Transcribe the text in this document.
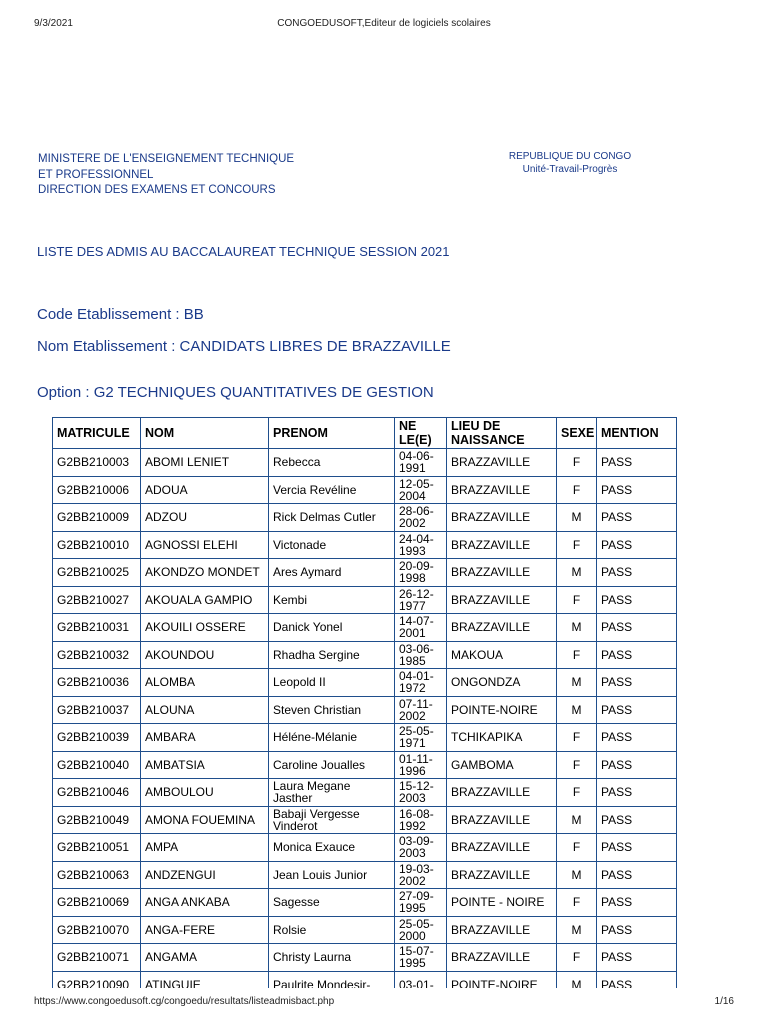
9/3/2021	CONGOEDUSOFT,Editeur de logiciels scolaires
MINISTERE DE L'ENSEIGNEMENT TECHNIQUE
ET PROFESSIONNEL
DIRECTION DES EXAMENS ET CONCOURS
REPUBLIQUE DU CONGO
Unité-Travail-Progrès
LISTE DES ADMIS AU BACCALAUREAT TECHNIQUE SESSION 2021
Code Etablissement : BB
Nom Etablissement : CANDIDATS LIBRES DE BRAZZAVILLE
Option : G2 TECHNIQUES QUANTITATIVES DE GESTION
MATRICULE	NOM	PRENOM	NE LE(E)	LIEU DE NAISSANCE	SEXE	MENTION
G2BB210003	ABOMI LENIET	Rebecca	04-06-1991	BRAZZAVILLE	F	PASS
G2BB210006	ADOUA	Vercia Revéline	12-05-2004	BRAZZAVILLE	F	PASS
G2BB210009	ADZOU	Rick Delmas Cutler	28-06-2002	BRAZZAVILLE	M	PASS
G2BB210010	AGNOSSI ELEHI	Victonade	24-04-1993	BRAZZAVILLE	F	PASS
G2BB210025	AKONDZO MONDET	Ares Aymard	20-09-1998	BRAZZAVILLE	M	PASS
G2BB210027	AKOUALA GAMPIO	Kembi	26-12-1977	BRAZZAVILLE	F	PASS
G2BB210031	AKOUILI OSSERE	Danick Yonel	14-07-2001	BRAZZAVILLE	M	PASS
G2BB210032	AKOUNDOU	Rhadha Sergine	03-06-1985	MAKOUA	F	PASS
G2BB210036	ALOMBA	Leopold II	04-01-1972	ONGONDZA	M	PASS
G2BB210037	ALOUNA	Steven Christian	07-11-2002	POINTE-NOIRE	M	PASS
G2BB210039	AMBARA	Héléne-Mélanie	25-05-1971	TCHIKAPIKA	F	PASS
G2BB210040	AMBATSIA	Caroline Joualles	01-11-1996	GAMBOMA	F	PASS
G2BB210046	AMBOULOU	Laura Megane Jasther	15-12-2003	BRAZZAVILLE	F	PASS
G2BB210049	AMONA FOUEMINA	Babaji Vergesse Vinderot	16-08-1992	BRAZZAVILLE	M	PASS
G2BB210051	AMPA	Monica Exauce	03-09-2003	BRAZZAVILLE	F	PASS
G2BB210063	ANDZENGUI	Jean Louis Junior	19-03-2002	BRAZZAVILLE	M	PASS
G2BB210069	ANGA ANKABA	Sagesse	27-09-1995	POINTE - NOIRE	F	PASS
G2BB210070	ANGA-FERE	Rolsie	25-05-2000	BRAZZAVILLE	M	PASS
G2BB210071	ANGAMA	Christy Laurna	15-07-1995	BRAZZAVILLE	F	PASS
G2BB210090	ATINGUIE	Paulrite Mondesir-	03-01-	POINTE-NOIRE	M	PASS
https://www.congoedusoft.cg/congoedu/resultats/listeadmisbact.php	1/16
